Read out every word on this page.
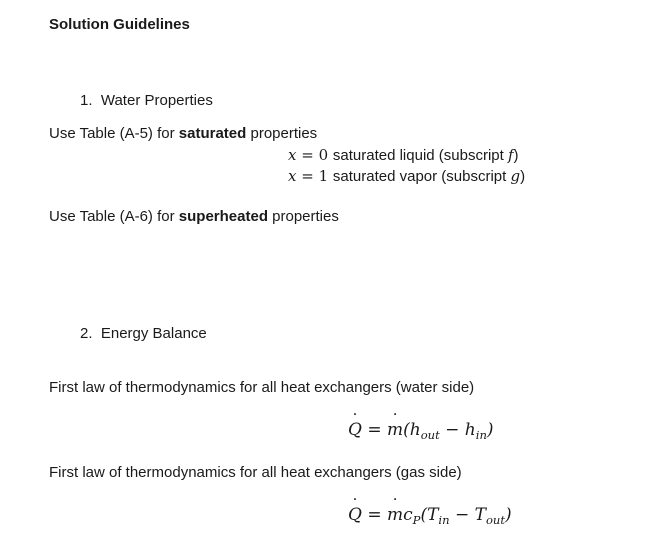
Solution Guidelines
1. Water Properties
Use Table (A-5) for saturated properties
x = 0 saturated liquid (subscript f)
x = 1 saturated vapor (subscript g)
Use Table (A-6) for superheated properties
2. Energy Balance
First law of thermodynamics for all heat exchangers (water side)
˙ Q = ˙ $m(h_{out} - h_{in})$
First law of thermodynamics for all heat exchangers (gas side)
˙ Q = ˙ $mc_P(T_{in} - T_{out})$
